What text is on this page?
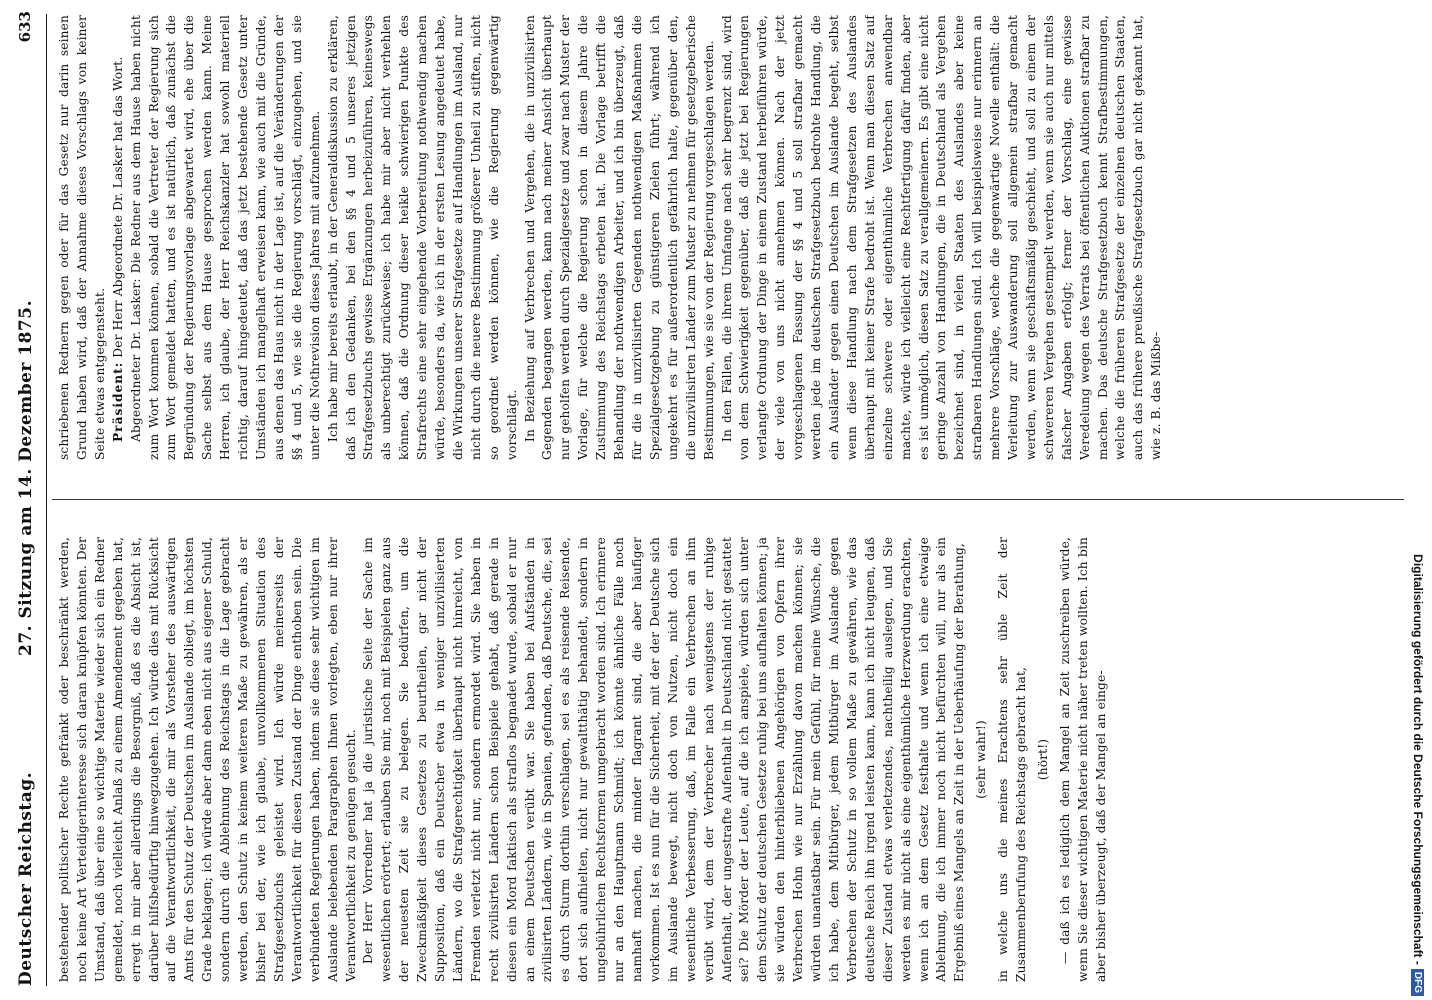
Deutscher Reichstag.
27. Sitzung am 14. Dezember 1875.
633

bestehender politischer Rechte gefränkt oder beschränkt werden, noch keine Art Verteidigerinteresse sich daran knüpfen könnten. Der Umstand, daß über eine so wichtige Materie wieder sich ein Redner gemeldet, noch vielleicht Anlaß zu einem Amendement gegeben hat, erregt in mir aber allerdings die Besorgniß, daß es die Absicht ist, darüber hilfsbedürftig hinwegzugehen. Ich würde dies mit Rücksicht auf die Verantwortlichkeit, die mir als Vorsteher des auswärtigen Amts für den Schutz der Deutschen im Auslande obliegt, im höchsten Grade beklagen; ich würde aber dann eben nicht aus eigener Schuld, sondern durch die Ablehnung des Reichstags in die Lage gebracht werden, den Schutz in keinem weiteren Maße zu gewähren, als er bisher bei der, wie ich glaube, unvollkommenen Situation des Strafgesetzbuchs geleistet wird. Ich würde meinerseits der Verantwortlichkeit für diesen Zustand der Dinge enthoben sein. Die verbündeten Regierungen haben, indem sie diese sehr wichtigen im Auslande belebenden Paragraphen Ihnen vorlegten, eben nur ihrer Verantwortlichkeit zu genügen gesucht. Der Herr Vorredner hat ja die juristische Seite der Sache im wesentlichen erörtert; erlauben Sie mir, noch mit Beispielen ganz aus der neuesten Zeit sie zu belegen. Sie bedürfen, um die Zweckmäßigkeit dieses Gesetzes zu beurtheilen, gar nicht der Supposition, daß ein Deutscher etwa in weniger unzivilisierten Ländern, wo die Strafgerechtigkeit überhaupt nicht hinreicht, von Fremden verletzt nicht nur, sondern ermordet wird. Sie haben in recht zivilisirten Ländern schon Beispiele gehabt, daß gerade in diesen ein Mord faktisch als straflos begnadet wurde, sobald er nur an einem Deutschen verübt war. Sie haben bei Aufständen in zivilisirten Ländern, wie in Spanien, gefunden, daß Deutsche, die, sei es durch Sturm dorthin verschlagen, sei es als reisende Reisende, dort sich aufhielten, nicht nur gewaltthätig behandelt, sondern in ungebührlichen Rechtsformen umgebracht worden sind. Ich erinnere nur an den Hauptmann Schmidt; ich könnte ähnliche Fälle noch namhaft machen, die minder flagrant sind, die aber häufiger vorkommen. Ist es nun für die Sicherheit, mit der der Deutsche sich im Auslande bewegt, nicht doch von Nutzen, nicht doch ein wesentliche Verbesserung, daß, im Falle ein Verbrechen an ihm verübt wird, dem der Verbrecher nach wenigstens der ruhige Aufenthalt, der ungestrafte Aufenthalt in Deutschland nicht gestattet sei? Die Mörder der Leute, auf die ich anspiele, würden sich unter dem Schutz der deutschen Gesetze ruhig bei uns aufhalten können; ja sie würden den hinterbliebenen Angehörigen von Opfern ihrer Verbrechen Hohn wie nur Erzählung davon machen können; sie würden unantastbar sein. Für mein Gefühl, für meine Wünsche, die ich habe, dem Mitbürger, jedem Mitbürger im Auslande gegen Verbrechen der Schutz in so vollem Maße zu gewähren, wie das deutsche Reich ihn irgend leisten kann, kann ich nicht leugnen, daß dieser Zustand etwas verletzendes, nachtheilig auslegen, und Sie werden es mir nicht als eine eigenthümliche Herzwerdung erachten, wenn ich an dem Gesetz festhalte und wenn ich eine etwaige Ablehnung, die ich immer noch nicht befürchten will, nur als ein Ergebniß eines Mangels an Zeit in der Ueberhäufung der Berathung, (sehr wahr!) in welche uns die meines Erachtens sehr üble Zeit der Zusammenberufung des Reichstags gebracht hat, (hört!) — daß ich es lediglich dem Mangel an Zeit zuschreiben würde, wenn Sie dieser wichtigen Materie nicht näher treten wollten. Ich bin aber bisher überzeugt, daß der Mangel an einge-

schriebenen Rednern gegen oder für das Gesetz nur darin seinen Grund haben wird, daß der Annahme dieses Vorschlags von keiner Seite etwas entgegensteht. Präsident: Der Herr Abgeordnete Dr. Lasker hat das Wort.

Abgeordneter Dr. Lasker: Die Redner aus dem Hause haben nicht zum Wort kommen können, sobald die Vertreter der Regierung sich zum Wort gemeldet hatten, und es ist natürlich, daß zunächst die Begründung der Regierungsvorlage abgewartet wird, ehe über die Sache selbst aus dem Hause gesprochen werden kann. Meine Herren, ich glaube, der Herr Reichskanzler hat sowohl materiell richtig, darauf hingedeutet, daß das jetzt bestehende Gesetz unter Umständen ich mangelhaft erweisen kann, wie auch mit die Gründe, aus denen das Haus nicht in der Lage ist, auf die Veränderungen der §§ 4 und 5, wie sie die Regierung vorschlägt, einzugehen, und sie unter die Nothrevision dieses Jahres mit aufzunehmen. Ich habe mir bereits erlaubt, in der Generaldiskussion zu erklären, daß ich den Gedanken, bei den §§ 4 und 5 unseres jetzigen Strafgesetzbuchs gewisse Ergänzungen herbeizuführen, keineswegs als unberechtigt zurückweise; ich habe mir aber nicht verhehlen können, daß die Ordnung dieser heikle schwierigen Punkte des Strafrechts eine sehr eingehende Vorbereitung nothwendig machen würde, besonders da, wie ich in der ersten Lesung angedeutet habe, die Wirkungen unserer Strafgesetze auf Handlungen im Ausland, nur nicht durch die neuere Bestimmung größerer Unheil zu stiften, nicht so geordnet werden können, wie die Regierung gegenwärtig vorschlägt. In Beziehung auf Verbrechen und Vergehen, die in unzivilisirten Gegenden begangen werden, kann nach meiner Ansicht überhaupt nur geholfen werden durch Spezialgesetze und zwar nach Muster der Vorlage, für welche die Regierung schon in diesem Jahre die Zustimmung des Reichstags erbeten hat. Die Vorlage betrifft die Behandlung der nothwendigen Arbeiter, und ich bin überzeugt, daß für die in unzivilisirten Gegenden nothwendigen Maßnahmen die Spezialgesetzgebung zu günstigeren Zielen führt; während ich ungekehrt es für außerordentlich gefährlich halte, gegenüber den, die unzivilisirten Länder zum Muster zu nehmen für gesetzgeberische Bestimmungen, wie sie von der Regierung vorgeschlagen werden. In den Fällen, die ihrem Umfange nach sehr begrenzt sind, wird von dem Schwierigkeit gegenüber, daß die jetzt bei Regierungen verlangte Ordnung der Dinge in einem Zustand herbeiführen würde, der viele von uns nicht annehmen können. Nach der jetzt vorgeschlagenen Fassung der §§ 4 und 5 soll strafbar gemacht werden jede im deutschen Strafgesetzbuch bedrohte Handlung, die ein Ausländer gegen einen Deutschen im Auslande begeht, selbst wenn diese Handlung nach dem Strafgesetzen des Auslandes überhaupt mit keiner Strafe bedroht ist. Wenn man diesen Satz auf einzelne schwere oder eigenthümliche Verbrechen anwendbar machte, würde ich vielleicht eine Rechtfertigung dafür finden, aber es ist unmöglich, diesen Satz zu verallgemeinern. Es gibt eine nicht geringe Anzahl von Handlungen, die in Deutschland als Vergehen bezeichnet sind, in vielen Staaten des Auslandes aber keine strafbaren Handlungen sind. Ich will beispielsweise nur erinnern an mehrere Vorschläge, welche die gegenwärtige Novelle enthält: die Verleitung zur Auswanderung soll allgemein strafbar gemacht werden, wenn sie geschäftsmäßig geschieht, und soll zu einem der schwereren Vergehen gestempelt werden, wenn sie auch nur mittels falscher Angaben erfolgt; ferner der Vorschlag, eine gewisse Veredelung wegen des Verrats bei öffentlichen Auktionen strafbar zu machen. Das deutsche Strafgesetzbuch kennt Strafbestimmungen, welche die früheren Strafgesetze der einzelnen deutschen Staaten, auch das frühere preußische Strafgesetzbuch gar nicht gekannt hat, wie z. B. das Mißbe-

Digitalisierung gefördert durch die Deutsche Forschungsgemeinschaft -
DFG
